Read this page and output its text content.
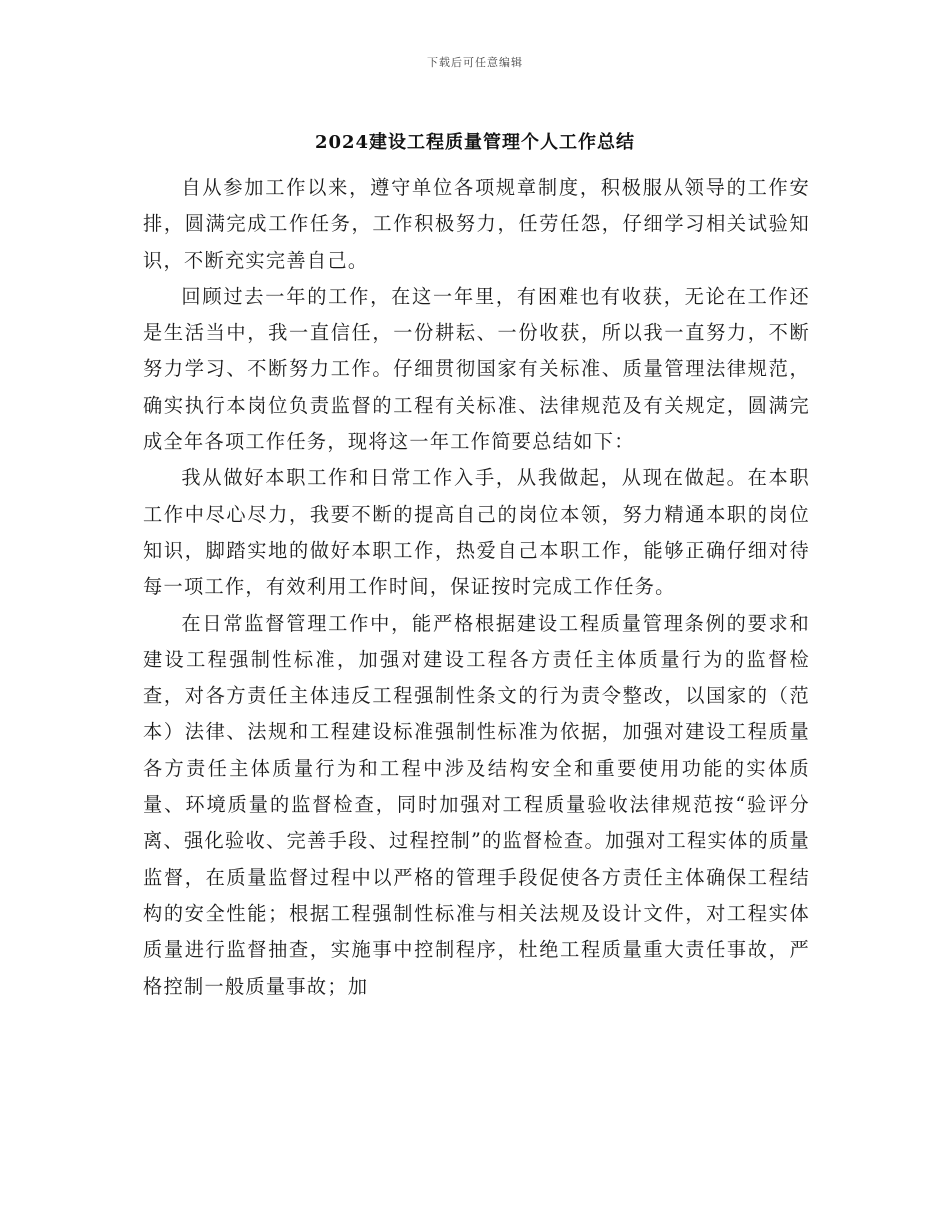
下载后可任意编辑
2024建设工程质量管理个人工作总结

自从参加工作以来，遵守单位各项规章制度，积极服从领导的工作安排，圆满完成工作任务，工作积极努力，任劳任怨，仔细学习相关试验知识，不断充实完善自己。

回顾过去一年的工作，在这一年里，有困难也有收获，无论在工作还是生活当中，我一直信任，一份耕耘、一份收获，所以我一直努力，不断努力学习、不断努力工作。仔细贯彻国家有关标准、质量管理法律规范，确实执行本岗位负责监督的工程有关标准、法律规范及有关规定，圆满完成全年各项工作任务，现将这一年工作简要总结如下：

我从做好本职工作和日常工作入手，从我做起，从现在做起。在本职工作中尽心尽力，我要不断的提高自己的岗位本领，努力精通本职的岗位知识，脚踏实地的做好本职工作，热爱自己本职工作，能够正确仔细对待每一项工作，有效利用工作时间，保证按时完成工作任务。

在日常监督管理工作中，能严格根据建设工程质量管理条例的要求和建设工程强制性标准，加强对建设工程各方责任主体质量行为的监督检查，对各方责任主体违反工程强制性条文的行为责令整改，以国家的（范本）法律、法规和工程建设标准强制性标准为依据，加强对建设工程质量各方责任主体质量行为和工程中涉及结构安全和重要使用功能的实体质量、环境质量的监督检查，同时加强对工程质量验收法律规范按“验评分离、强化验收、完善手段、过程控制”的监督检查。加强对工程实体的质量监督，在质量监督过程中以严格的管理手段促使各方责任主体确保工程结构的安全性能；根据工程强制性标准与相关法规及设计文件，对工程实体质量进行监督抽查，实施事中控制程序，杜绝工程质量重大责任事故，严格控制一般质量事故；加
